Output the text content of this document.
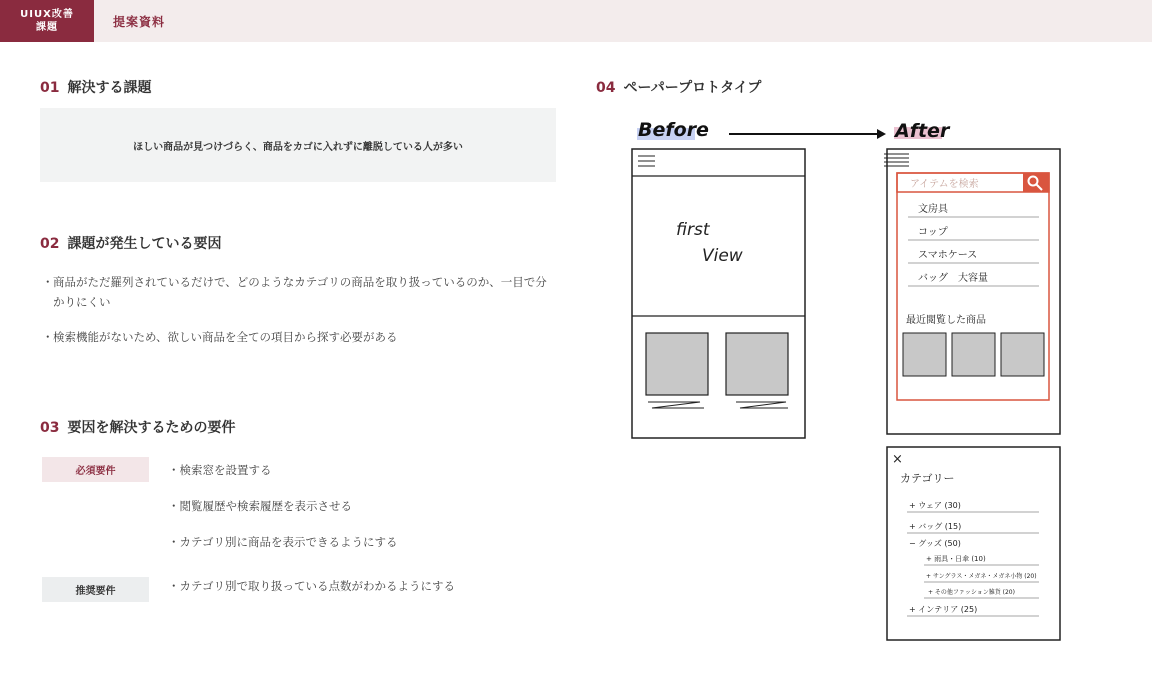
UIUX改善
課題	提案資料
01 解決する課題
ほしい商品が見つけづらく、商品をカゴに入れずに離脱している人が多い
02 課題が発生している要因
・ 商品がただ羅列されているだけで、どのようなカテゴリの商品を取り扱っているのか、一目で分かりにくい
・ 検索機能がないため、欲しい商品を全ての項目から探す必要がある
03 要因を解決するための要件
必須要件	・検索窓を設置する
・閲覧履歴や検索履歴を表示させる
・カテゴリ別に商品を表示できるようにする
推奨要件	・カテゴリ別で取り扱っている点数がわかるようにする
04 ペーパープロトタイプ
Before	After
first
View
アイテムを検索
文房具
コップ
スマホケース
バッグ　大容量
最近閲覧した商品
×
カテゴリー
+ ウェア (30)
+ バッグ (15)
− グッズ (50)
+ 雨具・日傘 (10)
+ サングラス・メガネ・メガネ小物 (20)
+ その他ファッション雑貨 (20)
+ インテリア (25)
